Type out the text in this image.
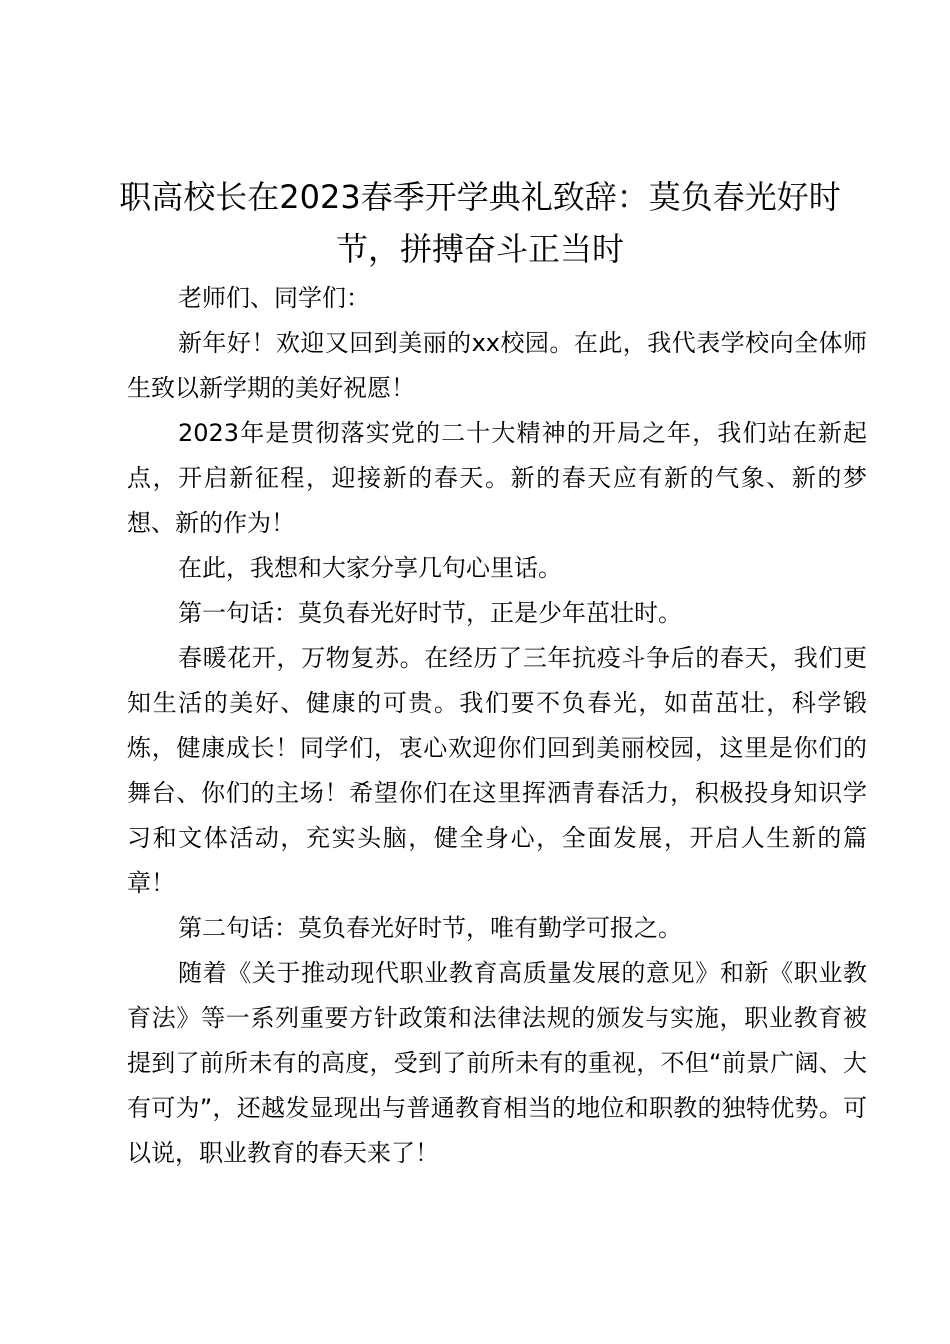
职高校长在2023春季开学典礼致辞：莫负春光好时节，拼搏奋斗正当时

老师们、同学们：

新年好！欢迎又回到美丽的xx校园。在此，我代表学校向全体师生致以新学期的美好祝愿！

2023年是贯彻落实党的二十大精神的开局之年，我们站在新起点，开启新征程，迎接新的春天。新的春天应有新的气象、新的梦想、新的作为！

在此，我想和大家分享几句心里话。

第一句话：莫负春光好时节，正是少年茁壮时。

春暖花开，万物复苏。在经历了三年抗疫斗争后的春天，我们更知生活的美好、健康的可贵。我们要不负春光，如苗茁壮，科学锻炼，健康成长！同学们，衷心欢迎你们回到美丽校园，这里是你们的舞台、你们的主场！希望你们在这里挥洒青春活力，积极投身知识学习和文体活动，充实头脑，健全身心，全面发展，开启人生新的篇章！

第二句话：莫负春光好时节，唯有勤学可报之。

随着《关于推动现代职业教育高质量发展的意见》和新《职业教育法》等一系列重要方针政策和法律法规的颁发与实施，职业教育被提到了前所未有的高度，受到了前所未有的重视，不但“前景广阔、大有可为”，还越发显现出与普通教育相当的地位和职教的独特优势。可以说，职业教育的春天来了！
